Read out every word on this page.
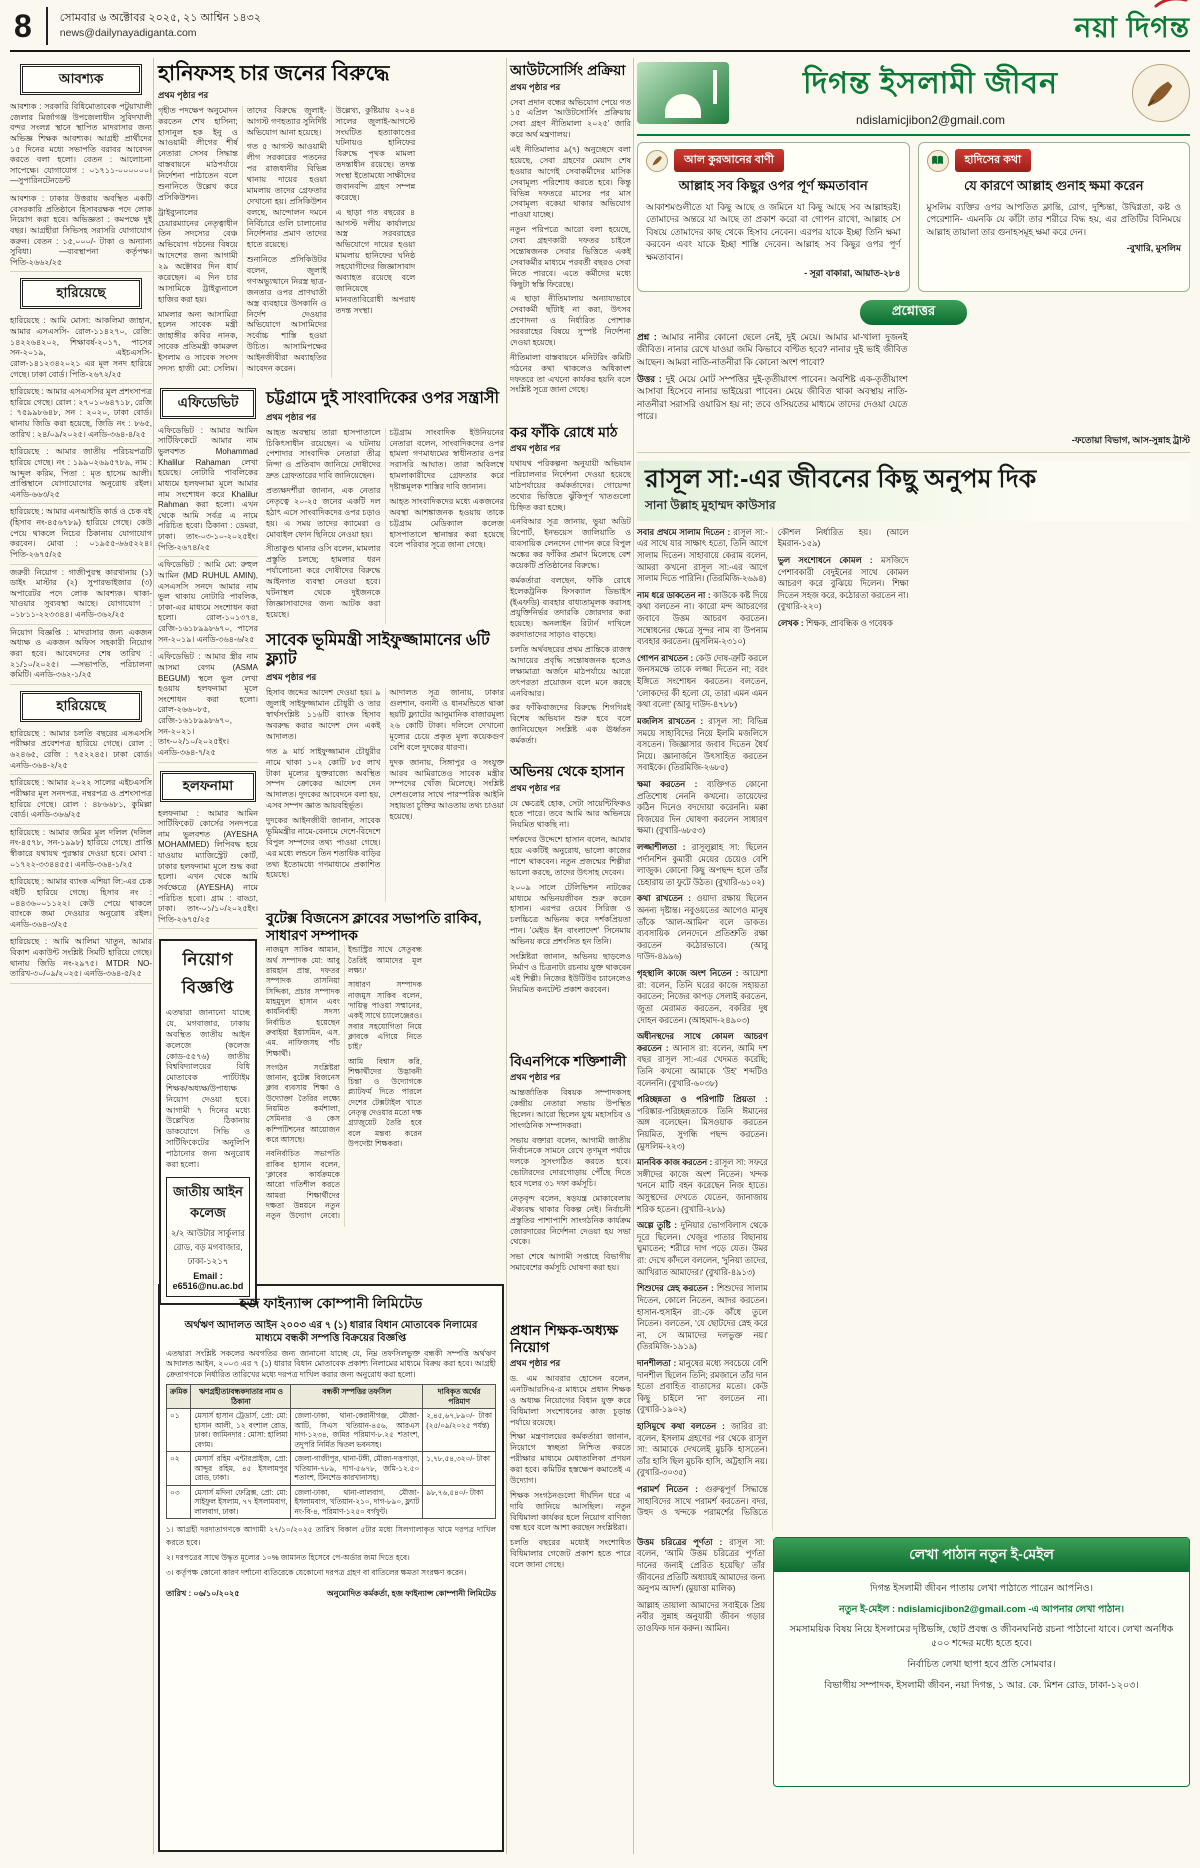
8	সোমবার ৬ অক্টোবর ২০২৫, ২১ আশ্বিন ১৪৩২
news@dailynayadiganta.com	নয়া দিগন্ত
আবশ্যক

আবশ্যক : সরকারি বিধিমোতাবেক পটুয়াখালী জেলার মির্জাগঞ্জ উপজেলাধীন সুবিদখালী বন্দর সংলগ্ন স্থানে স্থাপিত মাদরাসার জন্য অভিজ্ঞ শিক্ষক আবশ্যক। আগ্রহী প্রার্থীদের ১৫ দিনের মধ্যে সভাপতি বরাবর আবেদন করতে বলা হলো। বেতন : আলোচনা সাপেক্ষে। যোগাযোগ : ০১৭১১-০০০০০০। —সুপারিনটেনডেন্ট

আবশ্যক : ঢাকার উত্তরায় অবস্থিত একটি বেসরকারি প্রতিষ্ঠানে হিসাবরক্ষক পদে লোক নিয়োগ করা হবে। অভিজ্ঞতা : কমপক্ষে দুই বছর। আগ্রহীরা সিভিসহ সরাসরি যোগাযোগ করুন। বেতন : ১৫,০০০/- টাকা ও অন্যান্য সুবিধা। —ব্যবস্থাপনা কর্তৃপক্ষ। পিতি-২৬৬২/২৫

হারিয়েছে

হারিয়েছে : আমি মোসা: আকলিমা জাহান, আমার এসএসসি- রোল-১১৪২৭০, রেজি: ১৪২২৬৪২০২, শিক্ষাবর্ষ-২০১৭, পাসের সন-২০১৯, এইচএসসি- রোল-১৪১২৩৪২০২১ এর মূল সনদ হারিয়ে গেছে। ঢাকা বোর্ড। পিতি-২৬৭২/২৫

হারিয়েছে : আমার এসএসসির মূল প্রশংসাপত্র হারিয়ে গেছে। রোল : ২৭০১০৬৪৭১৮, রেজি : ৭৫৯৯৮৬৪৮, সন : ২০২০, ঢাকা বোর্ড। থানায় জিডি করা হয়েছে, জিডি নং : ৮৬৫, তারিখ : ২৪/০৯/২০২৫। এনডি-৩৬৪-৪/২৫

হারিয়েছে : আমার জাতীয় পরিচয়পত্রটি হারিয়ে গেছে। নং : ১৯৯০২৬৯৫৭৮৯, নাম : আব্দুল করিম, পিতা : মৃত হাসেম আলী। প্রাপ্তিস্থানে যোগাযোগের অনুরোধ রইল। এনডি-৬৬৩/২৫

হারিয়েছে : আমার এনআইডি কার্ড ও চেক বই (হিসাব নং-৪৫৬৭৮৯) হারিয়ে গেছে। কেউ পেয়ে থাকলে নিচের ঠিকানায় যোগাযোগ করবেন। মোবা : ০১৯৫৫-৬৬৫২২৪। পিতি-২৬৭৫/২৫

জরুরী নিয়োগ : গাজীপুরস্থ কারখানায় (১) ডাইং মাস্টার (২) সুপারভাইজার (৩) অপারেটর পদে লোক আবশ্যক। থাকা-খাওয়ার সুব্যবস্থা আছে। যোগাযোগ : ০১৮১১-২২৩৩৪৪। এনডি-৩৬২/২৫

নিয়োগ বিজ্ঞপ্তি : মাদরাসার জন্য একজন অধ্যক্ষ ও একজন অফিস সহকারী নিয়োগ করা হবে। আবেদনের শেষ তারিখ : ২১/১০/২০২৫। —সভাপতি, পরিচালনা কমিটি। এনডি-৩৬২-১/২৫

হারিয়েছে

হারিয়েছে : আমার চলতি বছরের এসএসসি পরীক্ষার প্রবেশপত্র হারিয়ে গেছে। রোল : ৬২৪৬৫, রেজি : ৭৫২২৪৫। ঢাকা বোর্ড। এনডি-৩৬৪-২/২৫

হারিয়েছে : আমার ২০২২ সালের এইচএসসি পরীক্ষার মূল সনদপত্র, নম্বরপত্র ও প্রশংসাপত্র হারিয়ে গেছে। রোল : ৪৮৬৬৮১, কুমিল্লা বোর্ড। এনডি-৩৬৬/২৫

হারিয়েছে : আমার জমির মূল দলিল (দলিল নং-৪৫৭৮, সন-১৯৯৮) হারিয়ে গেছে। প্রাপ্তি স্বীকারে যথাযথ পুরস্কার দেওয়া হবে। মোবা : ০১৭২২-৩৩৪৪৫৫। এনডি-৩৬৪-১/২৫

হারিয়েছে : আমার ব্যাংক এশিয়া লি:-এর চেক বইটি হারিয়ে গেছে। হিসাব নং : ০৪৪৩৬০০১১২২। কেউ পেয়ে থাকলে ব্যাংকে জমা দেওয়ার অনুরোধ রইল। এনডি-৩৬৪-৩/২৫

হারিয়েছে : আমি আলিমা খাতুন, আমার বিকাশ একাউন্ট সংশ্লিষ্ট সিমটি হারিয়ে গেছে। থানায় জিডি নং-২৯৭৫। MTDR NO- তারিখ-৩০/০৯/২০২৫। এনডি-৩৬৪-৫/২৫

হানিফসহ চার জনের বিরুদ্ধে
প্রথম পৃষ্ঠার পর

গৃহীত পদক্ষেপ অনুমোদন করতেন শেখ হাসিনা; হাসানুল হক ইনু ও আওয়ামী লীগের শীর্ষ নেতারা সেসব সিদ্ধান্ত বাস্তবায়নে মাঠপর্যায়ে নির্দেশনা পাঠাতেন বলে শুনানিতে উল্লেখ করে প্রসিকিউশন।

ট্রাইব্যুনালের চেয়ারম্যানের নেতৃত্বাধীন তিন সদস্যের বেঞ্চ অভিযোগ গঠনের বিষয়ে আদেশের জন্য আগামী ২৯ অক্টোবর দিন ধার্য করেছেন। এ দিন চার আসামিকে ট্রাইব্যুনালে হাজির করা হয়।

মামলার অন্য আসামিরা হলেন সাবেক মন্ত্রী জাহাঙ্গীর কবির নানক, সাবেক প্রতিমন্ত্রী কামরুল ইসলাম ও সাবেক সংসদ সদস্য হাজী মো: সেলিম। তাদের বিরুদ্ধে জুলাই-আগস্ট গণহত্যার সুনির্দিষ্ট অভিযোগ আনা হয়েছে।

গত ৫ আগস্ট আওয়ামী লীগ সরকারের পতনের পর রাজধানীর বিভিন্ন থানায় দায়ের হওয়া মামলায় তাদের গ্রেফতার দেখানো হয়। প্রসিকিউশন বলছে, আন্দোলন দমনে নির্বিচারে গুলি চালানোর নির্দেশনার প্রমাণ তাদের হাতে রয়েছে।

শুনানিতে প্রসিকিউটর বলেন, জুলাই গণঅভ্যুত্থানে নিরস্ত্র ছাত্র-জনতার ওপর প্রাণঘাতী অস্ত্র ব্যবহারে উসকানি ও নির্দেশ দেওয়ার অভিযোগে আসামিদের সর্বোচ্চ শাস্তি হওয়া উচিত। আসামিপক্ষের আইনজীবীরা অব্যাহতির আবেদন করেন।

উল্লেখ্য, কুষ্টিয়ায় ২০২৪ সালের জুলাই-আগস্টে সংঘটিত হত্যাকাণ্ডের ঘটনায়ও হানিফের বিরুদ্ধে পৃথক মামলা তদন্তাধীন রয়েছে। তদন্ত সংস্থা ইতোমধ্যে সাক্ষীদের জবানবন্দি গ্রহণ সম্পন্ন করেছে।

এ ছাড়া গত বছরের ৪ আগস্ট দলীয় কার্যালয়ে অস্ত্র সরবরাহের অভিযোগে দায়ের হওয়া মামলায় হানিফের ঘনিষ্ঠ সহযোগীদের জিজ্ঞাসাবাদ অব্যাহত রয়েছে বলে জানিয়েছে মানবতাবিরোধী অপরাধ তদন্ত সংস্থা।

এফিডেভিট

এফিডেভিট : আমার আমিন সার্টিফিকেটে আমার নাম ভুলবশত Mohammad Khalilur Rahaman লেখা হয়েছে। নোটারি পাবলিকের মাধ্যমে হলফনামা মূলে আমার নাম সংশোধন করে Khalilur Rahman করা হলো। এখন থেকে আমি সর্বত্র এ নামে পরিচিত হবো। ঠিকানা : ডেমরা, ঢাকা। তাং-০৩-১০-২০২৫ইং। পিতি-২৬৭৪/২৫

এফিডেভিট : আমি মো: রুহুল আমিন (MD RUHUL AMIN), এসএসসি সনদে আমার নাম ভুল থাকায় নোটারি পাবলিক, ঢাকা-এর মাধ্যমে সংশোধন করা হলো। রোল-১০১৩৭৪, রেজি-১৬১৮৯৯৮৬৭০, পাসের সন-২০১৯। এনডি-৩৬৪-৬/২৫

এফিডেভিট : আমার স্ত্রীর নাম আসমা বেগম (ASMA BEGUM) স্থলে ভুল লেখা হওয়ায় হলফনামা মূলে সংশোধন করা হলো। রোল-২৬৬০৮৫, রেজি-১৬১৮৯৯৮৬৭০, সন-২০২১। তাং-০২/১০/২০২৫ইং। এনডি-৩৬৪-৭/২৫

হলফনামা

হলফনামা : আমার আমিন সার্টিফিকেট কোর্সের সনদপত্রে নাম ভুলবশত (AYESHA MOHAMMED) লিপিবদ্ধ হয়ে যাওয়ায় ম্যাজিস্ট্রেট কোর্ট, ঢাকার হলফনামা মূলে শুদ্ধ করা হলো। এখন থেকে আমি সর্বক্ষেত্রে (AYESHA) নামে পরিচিত হবো। গ্রাম : বাড্ডা, ঢাকা। তাং-০১/১০/২০২৫ইং। পিতি-২৬৭৫/২৫

নিয়োগ বিজ্ঞপ্তি
এতদ্বারা জানানো যাচ্ছে যে, মগবাজার, ঢাকায় অবস্থিত জাতীয় আইন কলেজে (কলেজ কোড-৫৫৭৬) জাতীয় বিশ্ববিদ্যালয়ের বিধি মোতাবেক পার্টটাইম শিক্ষক/অধ্যক্ষ/উপাধ্যক্ষ নিয়োগ দেওয়া হবে। আগামী ৭ দিনের মধ্যে উল্লেখিত ঠিকানায় ডাকযোগে সিভি ও সার্টিফিকেটের অনুলিপি পাঠানোর জন্য অনুরোধ করা হলো।
জাতীয় আইন কলেজ
২/২ আউটার সার্কুলার রোড, বড় মগবাজার, ঢাকা-১২১৭
Email : e6516@nu.ac.bd
চট্টগ্রামে দুই সাংবাদিকের ওপর সন্ত্রাসী
প্রথম পৃষ্ঠার পর

আহত অবস্থায় তারা হাসপাতালে চিকিৎসাধীন রয়েছেন। এ ঘটনায় পেশাদার সাংবাদিক নেতারা তীব্র নিন্দা ও প্রতিবাদ জানিয়ে দোষীদের দ্রুত গ্রেফতারের দাবি জানিয়েছেন।

প্রত্যক্ষদর্শীরা জানান, এক নেতার নেতৃত্বে ২০-২৫ জনের একটি দল হঠাৎ এসে সাংবাদিকদের ওপর চড়াও হয়। এ সময় তাদের ক্যামেরা ও মোবাইল ফোন ছিনিয়ে নেওয়া হয়।

সীতাকুণ্ড থানার ওসি বলেন, মামলার প্রস্তুতি চলছে; হামলার ধরন পর্যালোচনা করে দোষীদের বিরুদ্ধে আইনগত ব্যবস্থা নেওয়া হবে। ঘটনাস্থল থেকে দুইজনকে জিজ্ঞাসাবাদের জন্য আটক করা হয়েছে।

চট্টগ্রাম সাংবাদিক ইউনিয়নের নেতারা বলেন, সাংবাদিকদের ওপর হামলা গণমাধ্যমের স্বাধীনতার ওপর সরাসরি আঘাত। তারা অবিলম্বে হামলাকারীদের গ্রেফতার করে দৃষ্টান্তমূলক শাস্তির দাবি জানান।

আহত সাংবাদিকদের মধ্যে একজনের অবস্থা আশঙ্কাজনক হওয়ায় তাকে চট্টগ্রাম মেডিক্যাল কলেজ হাসপাতালে স্থানান্তর করা হয়েছে বলে পরিবার সূত্রে জানা গেছে।

সাবেক ভূমিমন্ত্রী সাইফুজ্জামানের ৬টি ফ্ল্যাট
প্রথম পৃষ্ঠার পর

হিসাব জব্দের আদেশ দেওয়া হয়। ৯ জুলাই সাইফুজ্জামান চৌধুরী ও তার স্বার্থসংশ্লিষ্ট ১১৬টি ব্যাংক হিসাব অবরুদ্ধ করার আদেশ দেন একই আদালত।

গত ৯ মার্চ সাইফুজ্জামান চৌধুরীর নামে থাকা ১০২ কোটি ৮৫ লাখ টাকা মূল্যের যুক্তরাজ্যে অবস্থিত সম্পদ ক্রোকের আদেশ দেন আদালত। দুদকের আবেদনে বলা হয়, এসব সম্পদ জ্ঞাত আয়বহির্ভূত।

দুদকের আইনজীবী জানান, সাবেক ভূমিমন্ত্রীর নামে-বেনামে দেশে-বিদেশে বিপুল সম্পদের তথ্য পাওয়া গেছে। এর মধ্যে লন্ডনে তিন শতাধিক বাড়ির তথ্য ইতোমধ্যে গণমাধ্যমে প্রকাশিত হয়েছে।

আদালত সূত্র জানায়, ঢাকার গুলশান, বনানী ও ধানমন্ডিতে থাকা ছয়টি ফ্ল্যাটের আনুমানিক বাজারমূল্য ২৬ কোটি টাকা। দলিলে দেখানো মূল্যের চেয়ে প্রকৃত মূল্য কয়েকগুণ বেশি বলে দুদকের ধারণা।

দুদক জানায়, সিঙ্গাপুর ও সংযুক্ত আরব আমিরাতেও সাবেক মন্ত্রীর সম্পদের খোঁজ মিলেছে। সংশ্লিষ্ট দেশগুলোর সাথে পারস্পরিক আইনি সহায়তা চুক্তির আওতায় তথ্য চাওয়া হয়েছে।

বুটেক্স বিজনেস ক্লাবের সভাপতি রাকিব, সাধারণ সম্পাদক

নাজমুস সাকিব আমান, অর্থ সম্পাদক মো: আবু রায়হান প্রান্ত, দফতর সম্পাদক তাসনিয়া সিদ্দিকা, প্রচার সম্পাদক মাহমুদুল হাসান এবং কার্যনির্বাহী সদস্য নির্বাচিত হয়েছেন রুবাইয়া ইয়াসমিন, এস. এম. নাফিজসহ পাঁচ শিক্ষার্থী।

সংগঠন সংশ্লিষ্টরা জানান, বুটেক্স বিজনেস ক্লাব ব্যবসায় শিক্ষা ও উদ্যোক্তা তৈরির লক্ষ্যে নিয়মিত কর্মশালা, সেমিনার ও কেস কম্পিটিশনের আয়োজন করে আসছে।

নবনির্বাচিত সভাপতি রাকিব হাসান বলেন, 'ক্লাবের কার্যক্রমকে আরো গতিশীল করতে আমরা শিক্ষার্থীদের দক্ষতা উন্নয়নে নতুন নতুন উদ্যোগ নেবো। ইন্ডাস্ট্রির সাথে সেতুবন্ধ তৈরিই আমাদের মূল লক্ষ্য।'

সাধারণ সম্পাদক নাজমুস সাকিব বলেন, 'দায়িত্ব পাওয়া সম্মানের, একই সাথে চ্যালেঞ্জেরও। সবার সহযোগিতা নিয়ে ক্লাবকে এগিয়ে নিতে চাই।'

আমি বিশ্বাস করি, শিক্ষার্থীদের উদ্ভাবনী চিন্তা ও উদ্যোগকে প্ল্যাটফর্ম দিতে পারলে দেশের টেক্সটাইল খাতে নেতৃত্ব দেওয়ার মতো দক্ষ গ্র্যাজুয়েট তৈরি হবে বলে মন্তব্য করেন উপদেষ্টা শিক্ষকরা।

হজ ফাইন্যান্স কোম্পানী লিমিটেড
অর্থঋণ আদালত আইন ২০০৩ এর ৭ (১) ধারার বিধান মোতাবেক নিলামের মাধ্যমে বন্ধকী সম্পত্তি বিক্রয়ের বিজ্ঞপ্তি
এতদ্বারা সংশ্লিষ্ট সকলের অবগতির জন্য জানানো যাচ্ছে যে, নিম্ন তফসিলভুক্ত বন্ধকী সম্পত্তি অর্থঋণ আদালত আইন, ২০০৩ এর ৭ (১) ধারার বিধান মোতাবেক প্রকাশ্য নিলামের মাধ্যমে বিক্রয় করা হবে। আগ্রহী ক্রেতাগণকে নির্ধারিত তারিখের মধ্যে দরপত্র দাখিল করার জন্য অনুরোধ করা হলো।
ক্রমিক	ঋণগ্রহীতা/বন্ধকদাতার নাম ও ঠিকানা	বন্ধকী সম্পত্তির তফসিল	দাবিকৃত অর্থের পরিমাণ
০১	মেসার্স হাসান ট্রেডার্স, প্রো: মো: হাসান আলী, ১২ বংশাল রোড, ঢাকা। জামিনদার : মোসা: হালিমা বেগম।	জেলা-ঢাকা, থানা-কেরানীগঞ্জ, মৌজা-আটি, সিএস খতিয়ান-৪৫৬, আরএস দাগ-১২৩৪, জমির পরিমাণ-৮.২৫ শতাংশ, তদুপরি নির্মিত দ্বিতল ভবনসহ।	২,৪৫,৬৭,৮৯০/- টাকা (২৫/০৯/২০২৫ পর্যন্ত)
০২	মেসার্স রহিম এন্টারপ্রাইজ, প্রো: আব্দুর রহিম, ৪৫ ইসলামপুর রোড, ঢাকা।	জেলা-গাজীপুর, থানা-টঙ্গী, মৌজা-দত্তপাড়া, খতিয়ান-৭৮৯, দাগ-৫৬৭৮, জমি-১২.৫০ শতাংশ, টিনশেড কারখানাসহ।	১,৭৮,৫৪,৩২০/- টাকা
০৩	মেসার্স মদিনা ফেব্রিক্স, প্রো: মো: সাইফুল ইসলাম, ৭৭ ইসলামবাগ, লালবাগ, ঢাকা।	জেলা-ঢাকা, থানা-লালবাগ, মৌজা-ইসলামবাগ, খতিয়ান-২১০, দাগ-৮৯০, ফ্ল্যাট নং-বি-৪, পরিমাণ-১২৫০ বর্গফুট।	৯৮,৭৬,৫৪০/- টাকা

১। আগ্রহী দরদাতাগণকে আগামী ২৭/১০/২০২৫ তারিখ বিকাল ৫টার মধ্যে সিলগালাকৃত খামে দরপত্র দাখিল করতে হবে।

২। দরপত্রের সাথে উদ্ধৃত মূল্যের ১০% জামানত হিসেবে পে-অর্ডার জমা দিতে হবে।

৩। কর্তৃপক্ষ কোনো কারণ দর্শানো ব্যতিরেকে যেকোনো দরপত্র গ্রহণ বা বাতিলের ক্ষমতা সংরক্ষণ করেন।

তারিখ : ০৬/১০/২০২৫	অনুমোদিত কর্মকর্তা, হজ ফাইন্যান্স কোম্পানী লিমিটেড
আউটসোর্সিং প্রক্রিয়া
প্রথম পৃষ্ঠার পর

সেবা প্রদান বন্ধের অভিযোগ পেয়ে গত ১৫ এপ্রিল 'আউটসোর্সিং প্রক্রিয়ায় সেবা গ্রহণ নীতিমালা ২০২৫' জারি করে অর্থ মন্ত্রণালয়।

এই নীতিমালার ৯(৭) অনুচ্ছেদে বলা হয়েছে, সেবা গ্রহণের মেয়াদ শেষ হওয়ার আগেই সেবাকর্মীদের মাসিক সেবামূল্য পরিশোধ করতে হবে। কিন্তু বিভিন্ন দফতরে মাসের পর মাস সেবামূল্য বকেয়া থাকার অভিযোগ পাওয়া যাচ্ছে।

নতুন পরিপত্রে আরো বলা হয়েছে, সেবা গ্রহণকারী দফতর চাইলে সন্তোষজনক সেবার ভিত্তিতে একই সেবাকর্মীর মাধ্যমে পরবর্তী বছরও সেবা নিতে পারবে। এতে কর্মীদের মধ্যে কিছুটা স্বস্তি ফিরেছে।

এ ছাড়া নীতিমালায় অন্যায্যভাবে সেবাকর্মী ছাঁটাই না করা, উৎসব প্রণোদনা ও নির্ধারিত পোশাক সরবরাহের বিষয়ে সুস্পষ্ট নির্দেশনা দেওয়া হয়েছে।

নীতিমালা বাস্তবায়নে মনিটরিং কমিটি গঠনের কথা থাকলেও অধিকাংশ দফতরে তা এখনো কার্যকর হয়নি বলে সংশ্লিষ্ট সূত্রে জানা গেছে।

কর ফাঁকি রোধে মাঠ
প্রথম পৃষ্ঠার পর

যথাযথ পরিকল্পনা অনুযায়ী অভিযান পরিচালনার নির্দেশনা দেওয়া হয়েছে মাঠপর্যায়ের কর্মকর্তাদের। গোয়েন্দা তথ্যের ভিত্তিতে ঝুঁকিপূর্ণ খাতগুলো চিহ্নিত করা হচ্ছে।

এনবিআর সূত্র জানায়, ভুয়া অডিট রিপোর্ট, ইনভয়েস জালিয়াতি ও ব্যবসায়িক লেনদেন গোপন করে বিপুল অঙ্কের কর ফাঁকির প্রমাণ মিলেছে বেশ কয়েকটি প্রতিষ্ঠানের বিরুদ্ধে।

কর্মকর্তারা বলছেন, ফাঁকি রোধে ইলেকট্রনিক ফিসক্যাল ডিভাইস (ইএফডি) ব্যবহার বাধ্যতামূলক করাসহ প্রযুক্তিনির্ভর তদারকি জোরদার করা হয়েছে। অনলাইন রিটার্ন দাখিলে করদাতাদের সাড়াও বাড়ছে।

চলতি অর্থবছরের প্রথম প্রান্তিকে রাজস্ব আদায়ের প্রবৃদ্ধি সন্তোষজনক হলেও লক্ষ্যমাত্রা অর্জনে মাঠপর্যায়ে আরো তৎপরতা প্রয়োজন বলে মনে করছে এনবিআর।

কর ফাঁকিবাজদের বিরুদ্ধে শিগগিরই বিশেষ অভিযান শুরু হবে বলে জানিয়েছেন সংশ্লিষ্ট এক ঊর্ধ্বতন কর্মকর্তা।

অভিনয় থেকে হাসান
প্রথম পৃষ্ঠার পর

যে ক্ষেত্রেই হোক, সেটা সায়েন্টিফিকও হতে পারে। তবে আমি আর অভিনয়ে নিয়মিত থাকছি না।

দর্শকদের উদ্দেশে হাসান বলেন, আমার হয়ে একটিই অনুরোধ, ভালো কাজের পাশে থাকবেন। নতুন প্রজন্মের শিল্পীরা ভালো করছে, তাদের উৎসাহ দেবেন।

২০০৯ সালে টেলিভিশন নাটকের মাধ্যমে অভিনয়জীবন শুরু করেন হাসান। এরপর ওয়েব সিরিজ ও চলচ্চিত্রে অভিনয় করে দর্শকপ্রিয়তা পান। 'মেইড ইন বাংলাদেশ' সিনেমায় অভিনয় করে প্রশংসিত হন তিনি।

সংশ্লিষ্টরা জানান, অভিনয় ছাড়লেও নির্মাণ ও চিত্রনাট্য রচনায় যুক্ত থাকবেন এই শিল্পী। নিজের ইউটিউব চ্যানেলেও নিয়মিত কনটেন্ট প্রকাশ করবেন।

বিএনপিকে শক্তিশালী
প্রথম পৃষ্ঠার পর

আন্তর্জাতিক বিষয়ক সম্পাদকসহ কেন্দ্রীয় নেতারা সভায় উপস্থিত ছিলেন। আরো ছিলেন যুগ্ম মহাসচিব ও সাংগঠনিক সম্পাদকরা।

সভায় বক্তারা বলেন, আগামী জাতীয় নির্বাচনকে সামনে রেখে তৃণমূল পর্যায়ে দলকে সুসংগঠিত করতে হবে। ভোটারদের দোরগোড়ায় পৌঁছে দিতে হবে দলের ৩১ দফা কর্মসূচি।

নেতৃবৃন্দ বলেন, ষড়যন্ত্র মোকাবেলায় ঐক্যবদ্ধ থাকার বিকল্প নেই। নির্বাচনী প্রস্তুতির পাশাপাশি সাংগঠনিক কার্যক্রম জোরদারের নির্দেশনা দেওয়া হয় সভা থেকে।

সভা শেষে আগামী সপ্তাহে বিভাগীয় সমাবেশের কর্মসূচি ঘোষণা করা হয়।

প্রধান শিক্ষক-অধ্যক্ষ নিয়োগ
প্রথম পৃষ্ঠার পর

ড. এম আবরার হোসেন বলেন, এনটিআরসিএ-র মাধ্যমে প্রধান শিক্ষক ও অধ্যক্ষ নিয়োগের বিধান যুক্ত করে বিধিমালা সংশোধনের কাজ চূড়ান্ত পর্যায়ে রয়েছে।

শিক্ষা মন্ত্রণালয়ের কর্মকর্তারা জানান, নিয়োগে স্বচ্ছতা নিশ্চিত করতে পরীক্ষার মাধ্যমে মেধাতালিকা প্রণয়ন করা হবে। কমিটির হস্তক্ষেপ কমাতেই এ উদ্যোগ।

শিক্ষক সংগঠনগুলো দীর্ঘদিন ধরে এ দাবি জানিয়ে আসছিল। নতুন বিধিমালা কার্যকর হলে নিয়োগ বাণিজ্য বন্ধ হবে বলে আশা করছেন সংশ্লিষ্টরা।

চলতি বছরের মধ্যেই সংশোধিত বিধিমালার গেজেট প্রকাশ হতে পারে বলে জানা গেছে।

দিগন্ত ইসলামী জীবন
ndislamicjibon2@gmail.com
আল কুরআনের বাণী
আল্লাহ সব কিছুর ওপর পূর্ণ ক্ষমতাবান
আকাশমণ্ডলীতে যা কিছু আছে ও জমিনে যা কিছু আছে সব আল্লাহরই। তোমাদের অন্তরে যা আছে তা প্রকাশ করো বা গোপন রাখো, আল্লাহ সে বিষয়ে তোমাদের কাছ থেকে হিসাব নেবেন। এরপর যাকে ইচ্ছা তিনি ক্ষমা করবেন এবং যাকে ইচ্ছা শাস্তি দেবেন। আল্লাহ সব কিছুর ওপর পূর্ণ ক্ষমতাবান।
- সূরা বাকারা, আয়াত-২৮৪
হাদিসের কথা
যে কারণে আল্লাহ গুনাহ ক্ষমা করেন
মুসলিম ব্যক্তির ওপর আপতিত ক্লান্তি, রোগ, দুশ্চিন্তা, উদ্বিগ্নতা, কষ্ট ও পেরেশানি- এমনকি যে কাঁটা তার শরীরে বিদ্ধ হয়, এর প্রতিটির বিনিময়ে আল্লাহ তায়ালা তার গুনাহসমূহ ক্ষমা করে দেন।
-বুখারি, মুসলিম
প্রশ্নোত্তর

প্রশ্ন : আমার নানীর কোনো ছেলে নেই, দুই মেয়ে। আমার মা-খালা দুজনই জীবিত। নানার রেখে যাওয়া জমি কিভাবে বণ্টিত হবে? নানার দুই ভাই জীবিত আছেন। আমরা নাতি-নাতনীরা কি কোনো অংশ পাবো?

উত্তর : দুই মেয়ে মোট সম্পত্তির দুই-তৃতীয়াংশ পাবেন। অবশিষ্ট এক-তৃতীয়াংশ আসাবা হিসেবে নানার ভাইয়েরা পাবেন। মেয়ে জীবিত থাকা অবস্থায় নাতি-নাতনীরা সরাসরি ওয়ারিস হয় না; তবে ওসিয়তের মাধ্যমে তাদের দেওয়া যেতে পারে।

-ফতোয়া বিভাগ, আস-সুন্নাহ ট্রাস্ট
রাসূল সা:-এর জীবনের কিছু অনুপম দিক
সানা উল্লাহ মুহাম্মদ কাউসার

সবার প্রথমে সালাম দিতেন : রাসূল সা:-এর সাথে যার সাক্ষাৎ হতো, তিনি আগে সালাম দিতেন। সাহাবায়ে কেরাম বলেন, আমরা কখনো রাসূল সা:-এর আগে সালাম দিতে পারিনি। (তিরমিজি-২৬৯৪)

নাম ধরে ডাকতেন না : কাউকে কষ্ট দিয়ে কথা বলতেন না। কারো মন্দ আচরণের জবাবে উত্তম আচরণ করতেন। সম্বোধনের ক্ষেত্রে সুন্দর নাম বা উপনাম ব্যবহার করতেন। (মুসলিম-২৩১০)

গোপন রাখতেন : কেউ দোষ-ত্রুটি করলে জনসমক্ষে তাকে লজ্জা দিতেন না; বরং ইঙ্গিতে সংশোধন করতেন। বলতেন, 'লোকদের কী হলো যে, তারা এমন এমন কথা বলে!' (আবু দাউদ-৪৭৮৮)

মজলিস রাখতেন : রাসূল সা: বিভিন্ন সময়ে সাহাবিদের নিয়ে ইলমি মজলিসে বসতেন। জিজ্ঞাসার জবাব দিতেন ধৈর্য নিয়ে। জ্ঞানার্জনে উৎসাহিত করতেন সবাইকে। (তিরমিজি-২৬৮৫)

ক্ষমা করতেন : ব্যক্তিগত কোনো প্রতিশোধ নেননি কখনো। তায়েফের কঠিন দিনেও বদদোয়া করেননি। মক্কা বিজয়ের দিন ঘোষণা করলেন সাধারণ ক্ষমা। (বুখারি-৬৮৫৩)

লজ্জাশীলতা : রাসূলুল্লাহ সা: ছিলেন পর্দানশিন কুমারী মেয়ের চেয়েও বেশি লাজুক। কোনো কিছু অপছন্দ হলে তাঁর চেহারায় তা ফুটে উঠত। (বুখারি-৬১০২)

কথা রাখতেন : ওয়াদা রক্ষায় ছিলেন অনন্য দৃষ্টান্ত। নবুওয়তের আগেও মানুষ তাঁকে 'আল-আমিন' বলে ডাকত। ব্যবসায়িক লেনদেনে প্রতিশ্রুতি রক্ষা করতেন কঠোরভাবে। (আবু দাউদ-৪৯৯৬)

গৃহস্থালি কাজে অংশ নিতেন : আয়েশা রা: বলেন, তিনি ঘরের কাজে সহায়তা করতেন; নিজের কাপড় সেলাই করতেন, জুতা মেরামত করতেন, বকরির দুধ দোহন করতেন। (আহমাদ-২৪৯০৩)

অধীনস্থদের সাথে কোমল আচরণ করতেন : আনাস রা: বলেন, আমি দশ বছর রাসূল সা:-এর খেদমত করেছি; তিনি কখনো আমাকে 'উহ' শব্দটিও বলেননি। (বুখারি-৬০৩৮)

পরিচ্ছন্নতা ও পরিপাটি প্রিয়তা : পরিষ্কার-পরিচ্ছন্নতাকে তিনি ঈমানের অঙ্গ বলেছেন। মিসওয়াক করতেন নিয়মিত, সুগন্ধি পছন্দ করতেন। (মুসলিম-২২৩)

মানবিক কাজ করতেন : রাসূল সা: সফরে সঙ্গীদের কাজে অংশ নিতেন। খন্দক খননে মাটি বহন করেছেন নিজ হাতে। অসুস্থদের দেখতে যেতেন, জানাজায় শরিক হতেন। (বুখারি-২৮৯)

অল্পে তুষ্টি : দুনিয়ার ভোগবিলাস থেকে দূরে ছিলেন। খেজুর পাতার বিছানায় ঘুমাতেন; শরীরে দাগ পড়ে যেত। উমর রা: দেখে কাঁদলে বললেন, 'দুনিয়া তাদের, আখিরাত আমাদের।' (বুখারি-৪৯১৩)

শিশুদের স্নেহ করতেন : শিশুদের সালাম দিতেন, কোলে নিতেন, আদর করতেন। হাসান-হুসাইন রা:-কে কাঁধে তুলে নিতেন। বলতেন, 'যে ছোটদের স্নেহ করে না, সে আমাদের দলভুক্ত নয়।' (তিরমিজি-১৯১৯)

দানশীলতা : মানুষের মধ্যে সবচেয়ে বেশি দানশীল ছিলেন তিনি; রমজানে তাঁর দান হতো প্রবাহিত বাতাসের মতো। কেউ কিছু চাইলে 'না' বলতেন না। (বুখারি-১৯০২)

হাসিমুখে কথা বলতেন : জারির রা: বলেন, ইসলাম গ্রহণের পর থেকে রাসূল সা: আমাকে দেখলেই মুচকি হাসতেন। তাঁর হাসি ছিল মুচকি হাসি, অট্টহাসি নয়। (বুখারি-৩০৩৫)

পরামর্শ নিতেন : গুরুত্বপূর্ণ সিদ্ধান্তে সাহাবিদের সাথে পরামর্শ করতেন। বদর, উহুদ ও খন্দকে পরামর্শের ভিত্তিতে কৌশল নির্ধারিত হয়। (আলে ইমরান-১৫৯)

ভুল সংশোধনে কোমল : মসজিদে পেশাবকারী বেদুইনের সাথে কোমল আচরণ করে বুঝিয়ে দিলেন। শিক্ষা দিতেন সহজ করে, কঠোরতা করতেন না। (বুখারি-২২০)

লেখক : শিক্ষক, প্রাবন্ধিক ও গবেষক

উত্তম চরিত্রের পূর্ণতা : রাসূল সা: বলেন, 'আমি উত্তম চরিত্রের পূর্ণতা দানের জন্যই প্রেরিত হয়েছি।' তাঁর জীবনের প্রতিটি অধ্যায়ই আমাদের জন্য অনুপম আদর্শ। (মুয়াত্তা মালিক)

আল্লাহ তায়ালা আমাদের সবাইকে প্রিয় নবীর সুন্নাহ অনুযায়ী জীবন গড়ার তাওফিক দান করুন। আমিন।

লেখা পাঠান নতুন ই-মেইল

দিগন্ত ইসলামী জীবন পাতায় লেখা পাঠাতে পারেন আপনিও।

নতুন ই-মেইল : ndislamicjibon2@gmail.com -এ আপনার লেখা পাঠান।

সমসাময়িক বিষয় নিয়ে ইসলামের দৃষ্টিভঙ্গি, ছোট প্রবন্ধ ও জীবনঘনিষ্ঠ রচনা পাঠানো যাবে। লেখা অনধিক ৫০০ শব্দের মধ্যে হতে হবে।

নির্বাচিত লেখা ছাপা হবে প্রতি সোমবার।

বিভাগীয় সম্পাদক, ইসলামী জীবন, নয়া দিগন্ত, ১ আর. কে. মিশন রোড, ঢাকা-১২০৩।
